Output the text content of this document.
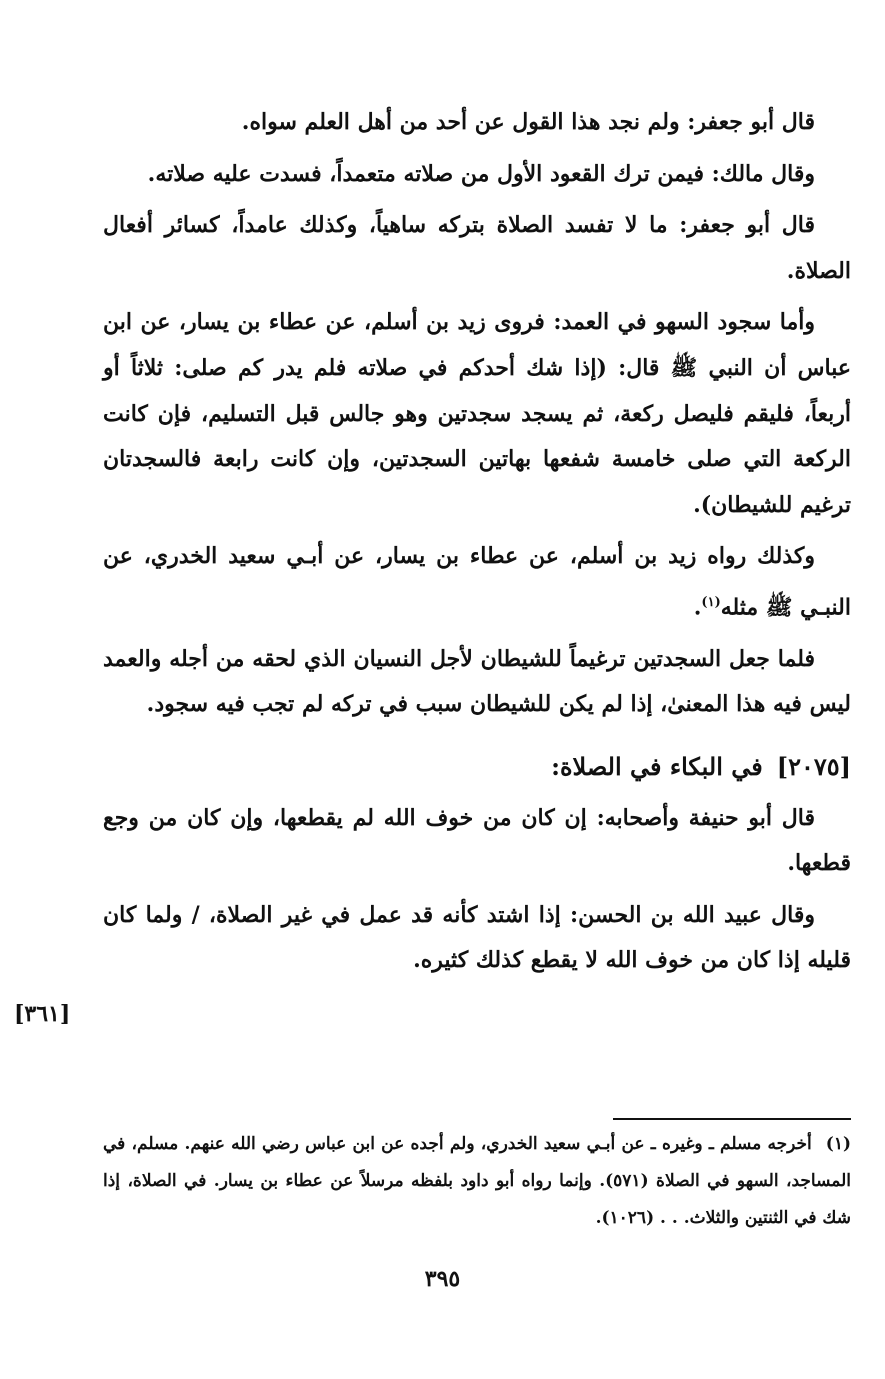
قال أبو جعفر: ولم نجد هذا القول عن أحد من أهل العلم سواه.

وقال مالك: فيمن ترك القعود الأول من صلاته متعمداً، فسدت عليه صلاته.

قال أبو جعفر: ما لا تفسد الصلاة بتركه ساهياً، وكذلك عامداً، كسائر أفعال الصلاة.

وأما سجود السهو في العمد: فروى زيد بن أسلم، عن عطاء بن يسار، عن ابن عباس أن النبي ﷺ قال: (إذا شك أحدكم في صلاته فلم يدر كم صلى: ثلاثاً أو أربعاً، فليقم فليصل ركعة، ثم يسجد سجدتين وهو جالس قبل التسليم، فإن كانت الركعة التي صلى خامسة شفعها بهاتين السجدتين، وإن كانت رابعة فالسجدتان ترغيم للشيطان).

وكذلك رواه زيد بن أسلم، عن عطاء بن يسار، عن أبـي سعيد الخدري، عن النبـي ﷺ مثله$^{(١)}$.

فلما جعل السجدتين ترغيماً للشيطان لأجل النسيان الذي لحقه من أجله والعمد ليس فيه هذا المعنىٰ، إذا لم يكن للشيطان سبب في تركه لم تجب فيه سجود.

[٢٠٧٥]في البكاء في الصلاة:

قال أبو حنيفة وأصحابه: إن كان من خوف الله لم يقطعها، وإن كان من وجع قطعها.

وقال عبيد الله بن الحسن: إذا اشتد كأنه قد عمل في غير الصلاة، / ولما كان قليله إذا كان من خوف الله لا يقطع كذلك كثيره.

[٣٦١]
(١)أخرجه مسلم ـ وغيره ـ عن أبـي سعيد الخدري، ولم أجده عن ابن عباس رضي الله عنهم. مسلم، في المساجد، السهو في الصلاة (٥٧١). وإنما رواه أبو داود بلفظه مرسلاً عن عطاء بن يسار. في الصلاة، إذا شك في الثنتين والثلاث. . . (١٠٢٦).
٣٩٥
